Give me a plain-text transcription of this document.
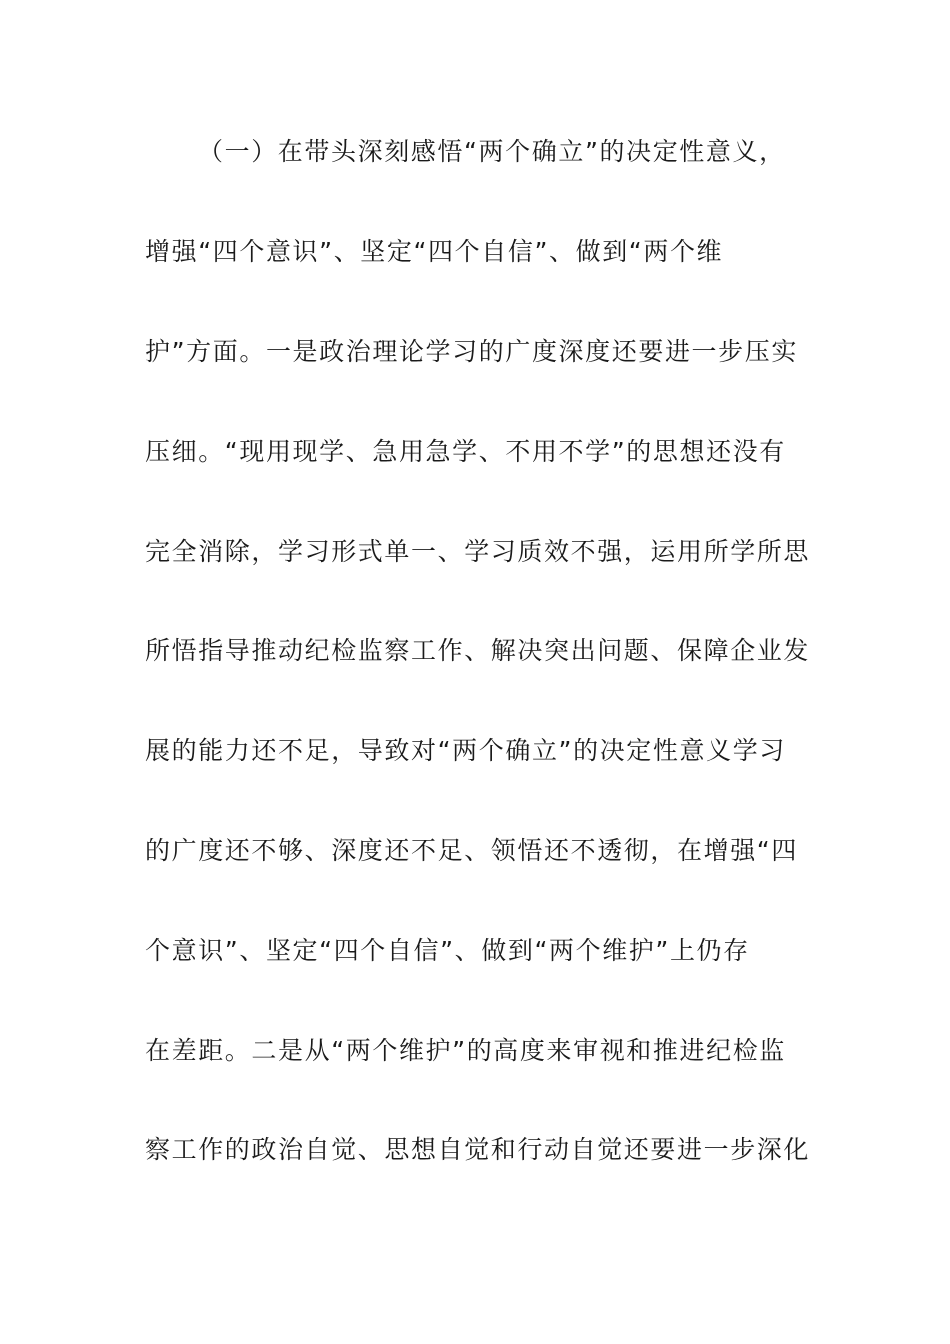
（一）在带头深刻感悟“两个确立”的决定性意义，
增强“四个意识”、坚定“四个自信”、做到“两个维
护”方面。一是政治理论学习的广度深度还要进一步压实
压细。“现用现学、急用急学、不用不学”的思想还没有
完全消除，学习形式单一、学习质效不强，运用所学所思
所悟指导推动纪检监察工作、解决突出问题、保障企业发
展的能力还不足，导致对“两个确立”的决定性意义学习
的广度还不够、深度还不足、领悟还不透彻，在增强“四
个意识”、坚定“四个自信”、做到“两个维护”上仍存
在差距。二是从“两个维护”的高度来审视和推进纪检监
察工作的政治自觉、思想自觉和行动自觉还要进一步深化
